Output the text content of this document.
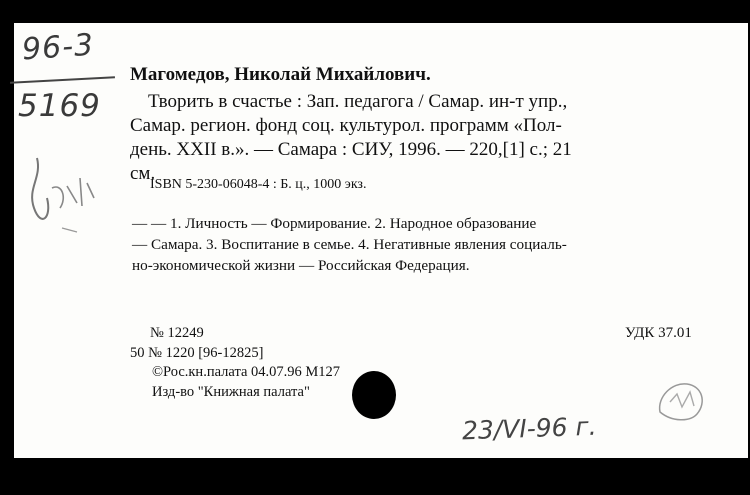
96-3
5169
Магомедов, Николай Михайлович.
Творить в счастье : Зап. педагога / Самар. ин-т упр.,
Самар. регион. фонд соц. культурол. программ «Пол-
день. XXII в.». — Самара : СИУ, 1996. — 220,[1] с.; 21
см.
ISBN 5-230-06048-4 : Б. ц., 1000 экз.
— — 1. Личность — Формирование. 2. Народное образование
— Самара. 3. Воспитание в семье. 4. Негативные явления социаль-
но-экономической жизни — Российская Федерация.
№ 12249
50 № 1220 [96-12825]
©Рос.кн.палата 04.07.96 М127
Изд-во "Книжная палата"
УДК 37.01
23/VI-96 г.
